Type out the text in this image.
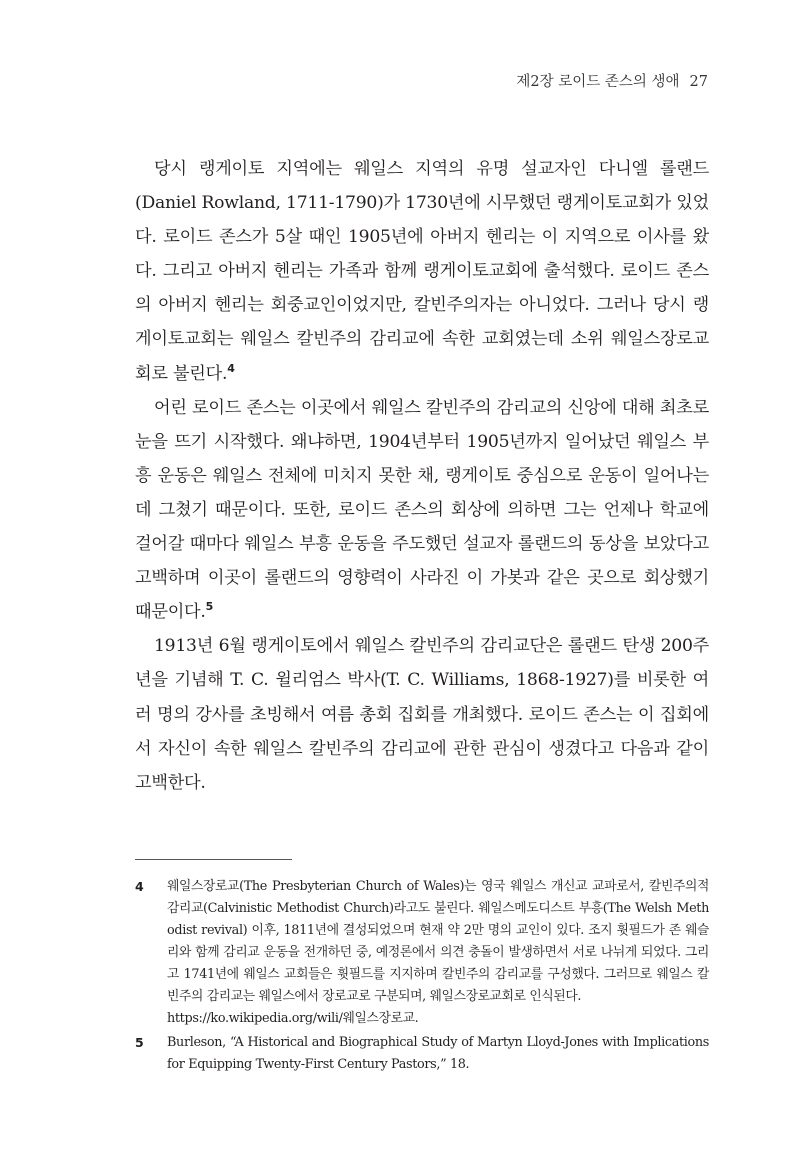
제2장 로이드 존스의 생애 27

당시 랭게이토 지역에는 웨일스 지역의 유명 설교자인 다니엘 롤랜드(Daniel Rowland, 1711-1790)가 1730년에 시무했던 랭게이토교회가 있었다. 로이드 존스가 5살 때인 1905년에 아버지 헨리는 이 지역으로 이사를 왔다. 그리고 아버지 헨리는 가족과 함께 랭게이토교회에 출석했다. 로이드 존스의 아버지 헨리는 회중교인이었지만, 칼빈주의자는 아니었다. 그러나 당시 랭게이토교회는 웨일스 칼빈주의 감리교에 속한 교회였는데 소위 웨일스장로교회로 불린다.$^4$

어린 로이드 존스는 이곳에서 웨일스 칼빈주의 감리교의 신앙에 대해 최초로 눈을 뜨기 시작했다. 왜냐하면, 1904년부터 1905년까지 일어났던 웨일스 부흥 운동은 웨일스 전체에 미치지 못한 채, 랭게이토 중심으로 운동이 일어나는 데 그쳤기 때문이다. 또한, 로이드 존스의 회상에 의하면 그는 언제나 학교에 걸어갈 때마다 웨일스 부흥 운동을 주도했던 설교자 롤랜드의 동상을 보았다고 고백하며 이곳이 롤랜드의 영향력이 사라진 이 가봇과 같은 곳으로 회상했기 때문이다.$^5$

1913년 6월 랭게이토에서 웨일스 칼빈주의 감리교단은 롤랜드 탄생 200주년을 기념해 T. C. 윌리엄스 박사(T. C. Williams, 1868-1927)를 비롯한 여러 명의 강사를 초빙해서 여름 총회 집회를 개최했다. 로이드 존스는 이 집회에서 자신이 속한 웨일스 칼빈주의 감리교에 관한 관심이 생겼다고 다음과 같이 고백한다.

4	웨일스장로교(The Presbyterian Church of Wales)는 영국 웨일스 개신교 교파로서, 칼빈주의적 감리교(Calvinistic Methodist Church)라고도 불린다. 웨일스메도디스트 부흥(The Welsh Methodist revival) 이후, 1811년에 결성되었으며 현재 약 2만 명의 교인이 있다. 조지 휫필드가 존 웨슬리와 함께 감리교 운동을 전개하던 중, 예정론에서 의견 충돌이 발생하면서 서로 나뉘게 되었다. 그리고 1741년에 웨일스 교회들은 휫필드를 지지하며 칼빈주의 감리교를 구성했다. 그러므로 웨일스 칼빈주의 감리교는 웨일스에서 장로교로 구분되며, 웨일스장로교회로 인식된다.
https://ko.wikipedia.org/wili/웨일스장로교.
5	Burleson, “A Historical and Biographical Study of Martyn Lloyd-Jones with Implications for Equipping Twenty-First Century Pastors,” 18.
